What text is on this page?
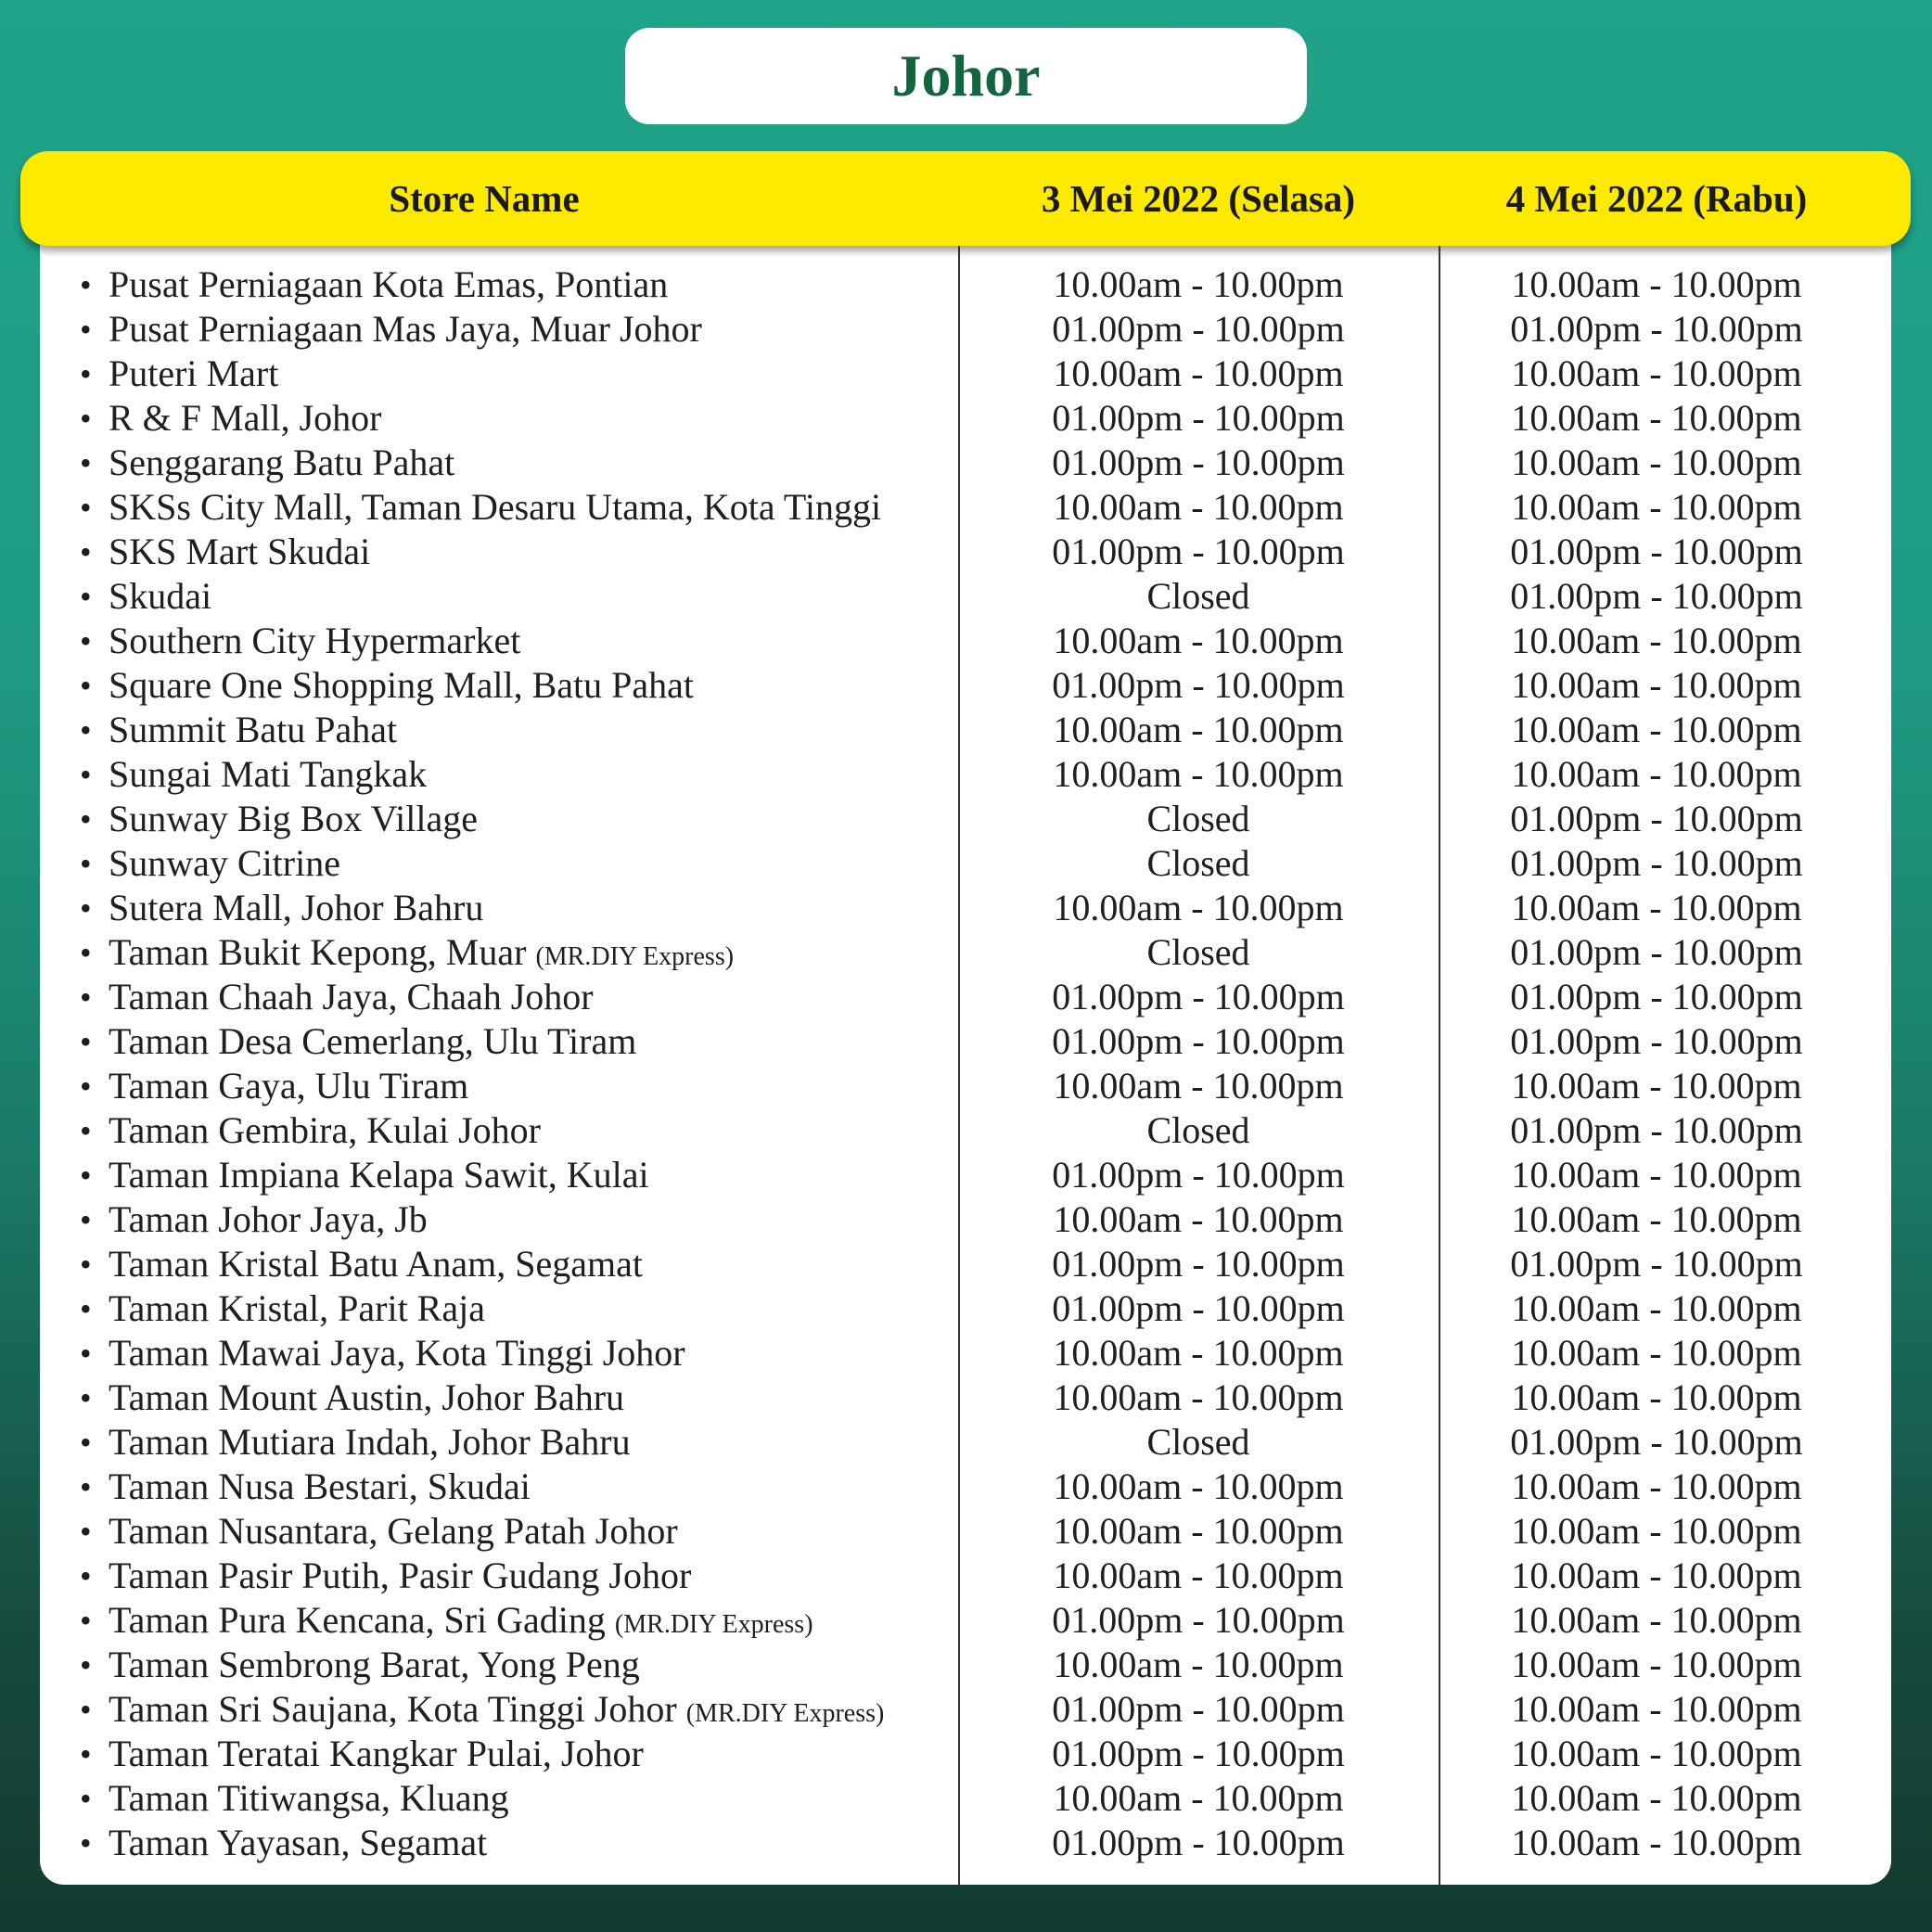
Johor
Store Name	3 Mei 2022 (Selasa)	4 Mei 2022 (Rabu)
• Pusat Perniagaan Kota Emas, Pontian	10.00am - 10.00pm	10.00am - 10.00pm
• Pusat Perniagaan Mas Jaya, Muar Johor	01.00pm - 10.00pm	01.00pm - 10.00pm
• Puteri Mart	10.00am - 10.00pm	10.00am - 10.00pm
• R & F Mall, Johor	01.00pm - 10.00pm	10.00am - 10.00pm
• Senggarang Batu Pahat	01.00pm - 10.00pm	10.00am - 10.00pm
• SKSs City Mall, Taman Desaru Utama, Kota Tinggi	10.00am - 10.00pm	10.00am - 10.00pm
• SKS Mart Skudai	01.00pm - 10.00pm	01.00pm - 10.00pm
• Skudai	Closed	01.00pm - 10.00pm
• Southern City Hypermarket	10.00am - 10.00pm	10.00am - 10.00pm
• Square One Shopping Mall, Batu Pahat	01.00pm - 10.00pm	10.00am - 10.00pm
• Summit Batu Pahat	10.00am - 10.00pm	10.00am - 10.00pm
• Sungai Mati Tangkak	10.00am - 10.00pm	10.00am - 10.00pm
• Sunway Big Box Village	Closed	01.00pm - 10.00pm
• Sunway Citrine	Closed	01.00pm - 10.00pm
• Sutera Mall, Johor Bahru	10.00am - 10.00pm	10.00am - 10.00pm
• Taman Bukit Kepong, Muar (MR.DIY Express)	Closed	01.00pm - 10.00pm
• Taman Chaah Jaya, Chaah Johor	01.00pm - 10.00pm	01.00pm - 10.00pm
• Taman Desa Cemerlang, Ulu Tiram	01.00pm - 10.00pm	01.00pm - 10.00pm
• Taman Gaya, Ulu Tiram	10.00am - 10.00pm	10.00am - 10.00pm
• Taman Gembira, Kulai Johor	Closed	01.00pm - 10.00pm
• Taman Impiana Kelapa Sawit, Kulai	01.00pm - 10.00pm	10.00am - 10.00pm
• Taman Johor Jaya, Jb	10.00am - 10.00pm	10.00am - 10.00pm
• Taman Kristal Batu Anam, Segamat	01.00pm - 10.00pm	01.00pm - 10.00pm
• Taman Kristal, Parit Raja	01.00pm - 10.00pm	10.00am - 10.00pm
• Taman Mawai Jaya, Kota Tinggi Johor	10.00am - 10.00pm	10.00am - 10.00pm
• Taman Mount Austin, Johor Bahru	10.00am - 10.00pm	10.00am - 10.00pm
• Taman Mutiara Indah, Johor Bahru	Closed	01.00pm - 10.00pm
• Taman Nusa Bestari, Skudai	10.00am - 10.00pm	10.00am - 10.00pm
• Taman Nusantara, Gelang Patah Johor	10.00am - 10.00pm	10.00am - 10.00pm
• Taman Pasir Putih, Pasir Gudang Johor	10.00am - 10.00pm	10.00am - 10.00pm
• Taman Pura Kencana, Sri Gading (MR.DIY Express)	01.00pm - 10.00pm	10.00am - 10.00pm
• Taman Sembrong Barat, Yong Peng	10.00am - 10.00pm	10.00am - 10.00pm
• Taman Sri Saujana, Kota Tinggi Johor (MR.DIY Express)	01.00pm - 10.00pm	10.00am - 10.00pm
• Taman Teratai Kangkar Pulai, Johor	01.00pm - 10.00pm	10.00am - 10.00pm
• Taman Titiwangsa, Kluang	10.00am - 10.00pm	10.00am - 10.00pm
• Taman Yayasan, Segamat	01.00pm - 10.00pm	10.00am - 10.00pm
